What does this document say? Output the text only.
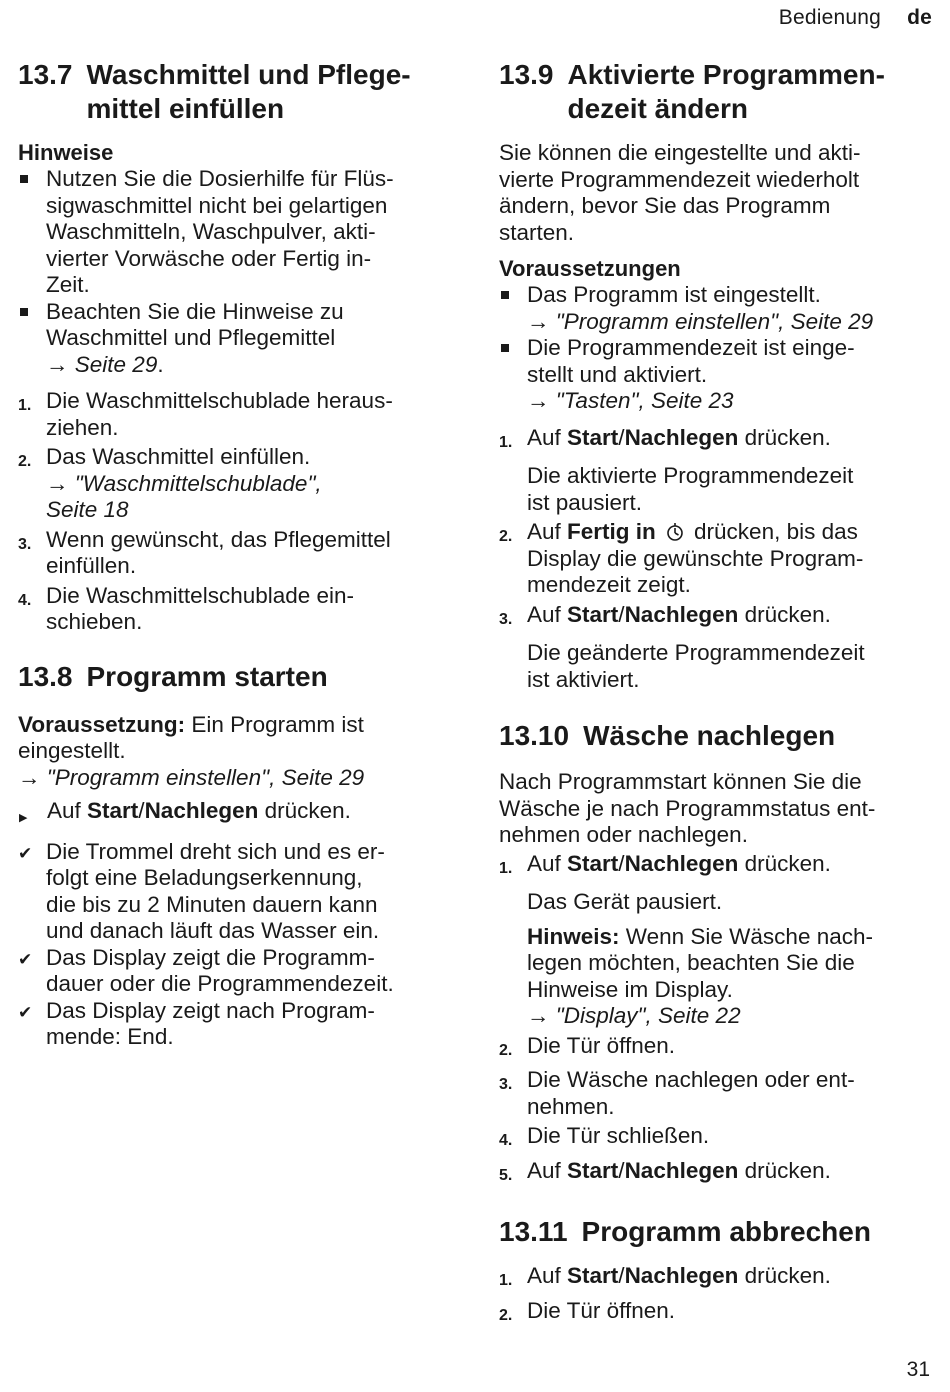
Bedienung de
13.7 Waschmittel und Pflege-
mittel einfüllen
Hinweise
Nutzen Sie die Dosierhilfe für Flüs-
sigwaschmittel nicht bei gelartigen
Waschmitteln, Waschpulver, akti-
vierter Vorwäsche oder Fertig in-
Zeit.
Beachten Sie die Hinweise zu
Waschmittel und Pflegemittel
→ Seite 29.
1. Die Waschmittelschublade heraus-
ziehen.
2. Das Waschmittel einfüllen.
→ "Waschmittelschublade",
Seite 18
3. Wenn gewünscht, das Pflegemittel
einfüllen.
4. Die Waschmittelschublade ein-
schieben.
13.8 Programm starten
Voraussetzung: Ein Programm ist
eingestellt.
→ "Programm einstellen", Seite 29
▶ Auf Start/Nachlegen drücken.
✔ Die Trommel dreht sich und es er-
folgt eine Beladungserkennung,
die bis zu 2 Minuten dauern kann
und danach läuft das Wasser ein.
✔ Das Display zeigt die Programm-
dauer oder die Programmendezeit.
✔ Das Display zeigt nach Program-
mende: End.
13.9 Aktivierte Programmen-
dezeit ändern
Sie können die eingestellte und akti-
vierte Programmendezeit wiederholt
ändern, bevor Sie das Programm
starten.
Voraussetzungen
Das Programm ist eingestellt.
→ "Programm einstellen", Seite 29
Die Programmendezeit ist einge-
stellt und aktiviert.
→ "Tasten", Seite 23
1. Auf Start/Nachlegen drücken.
Die aktivierte Programmendezeit
ist pausiert.
2. Auf Fertig in drücken, bis das
Display die gewünschte Program-
mendezeit zeigt.
3. Auf Start/Nachlegen drücken.
Die geänderte Programmendezeit
ist aktiviert.
13.10 Wäsche nachlegen
Nach Programmstart können Sie die
Wäsche je nach Programmstatus ent-
nehmen oder nachlegen.
1. Auf Start/Nachlegen drücken.
Das Gerät pausiert.
Hinweis: Wenn Sie Wäsche nach-
legen möchten, beachten Sie die
Hinweise im Display.
→ "Display", Seite 22
2. Die Tür öffnen.
3. Die Wäsche nachlegen oder ent-
nehmen.
4. Die Tür schließen.
5. Auf Start/Nachlegen drücken.
13.11 Programm abbrechen
1. Auf Start/Nachlegen drücken.
2. Die Tür öffnen.
31
